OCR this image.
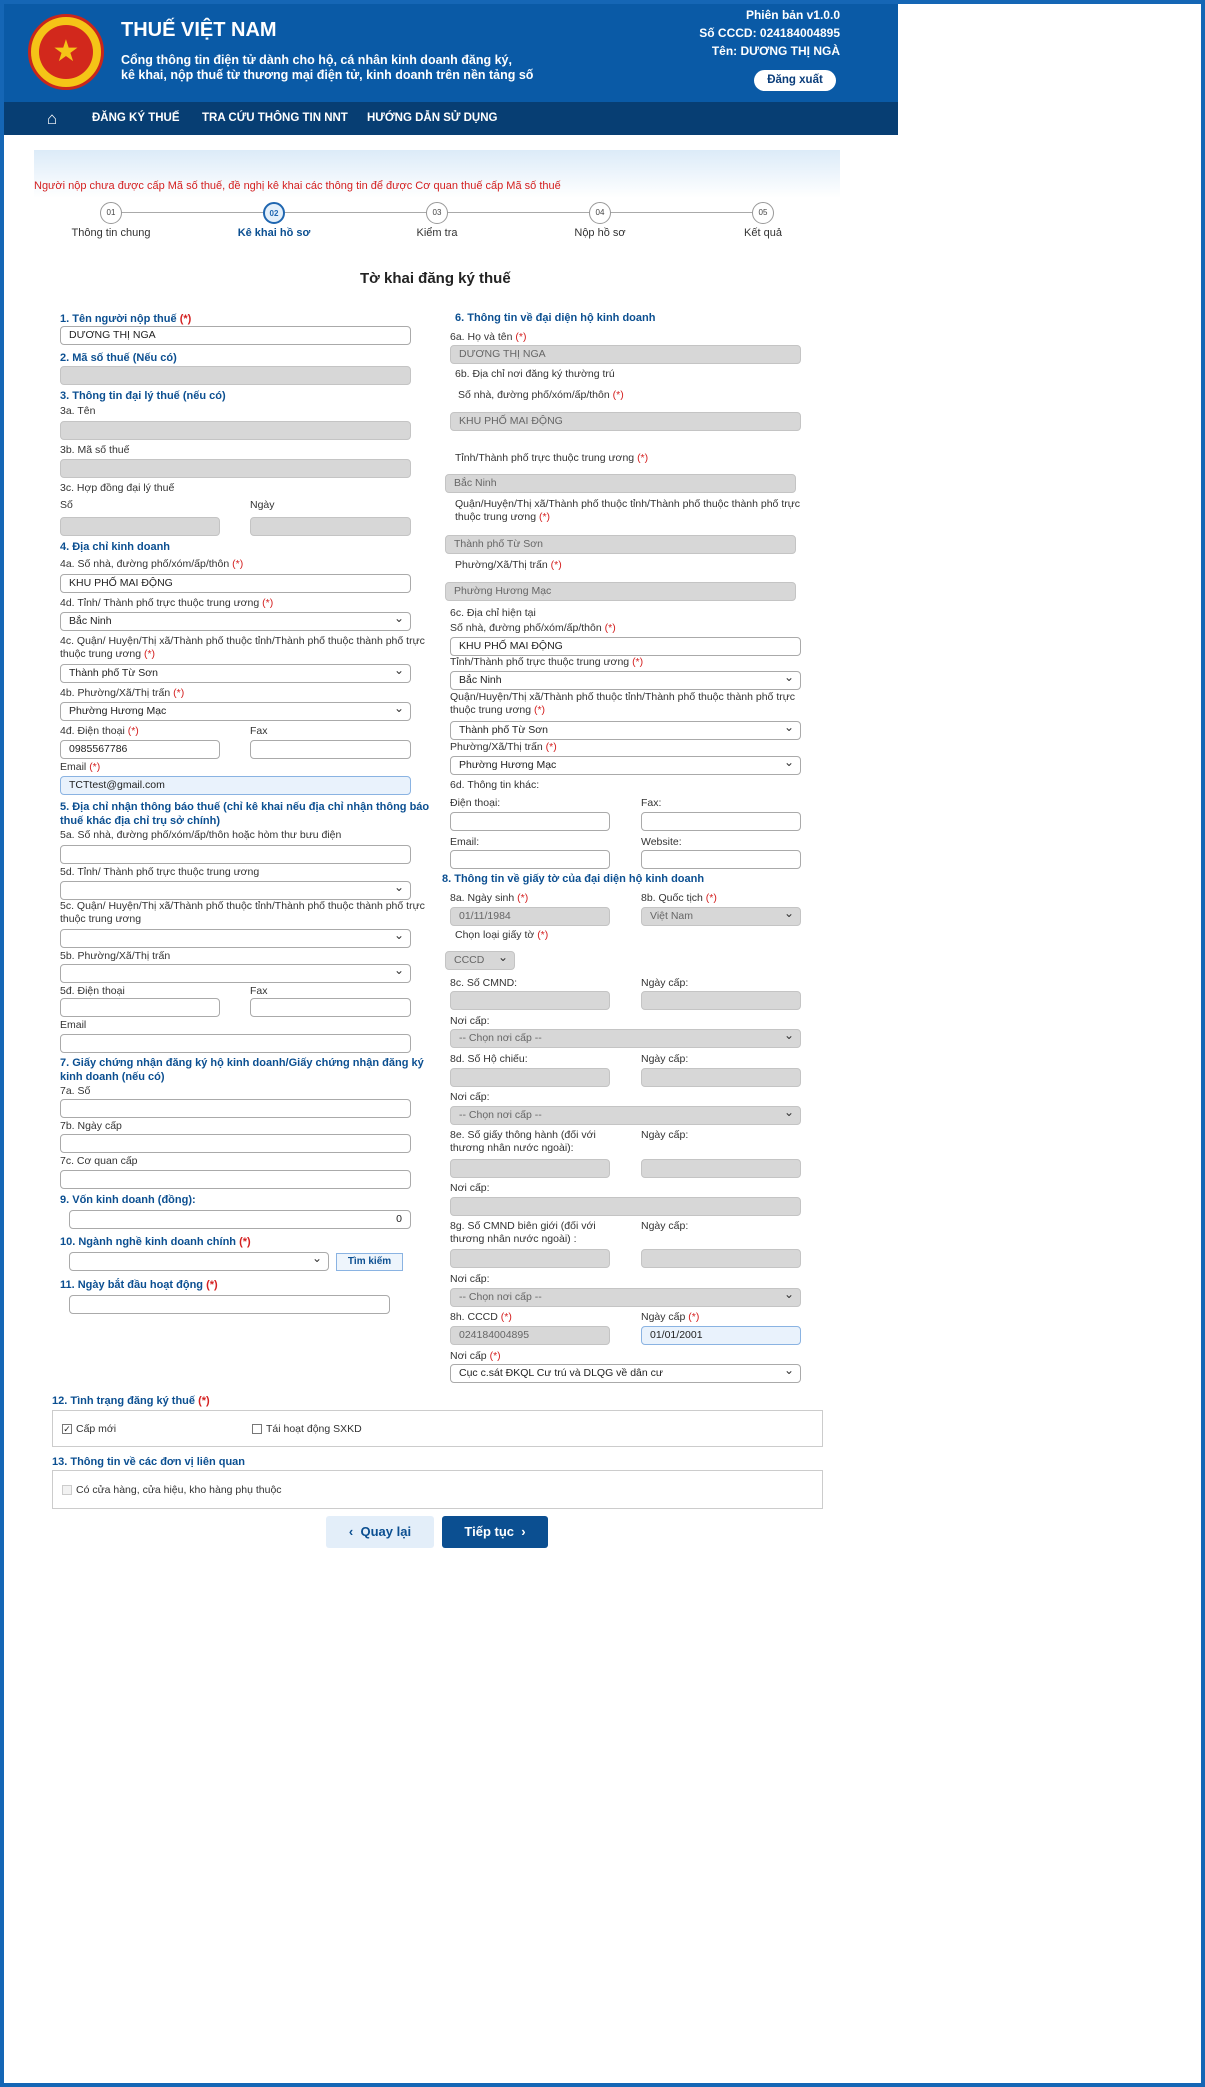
★
THUẾ VIỆT NAM
Cổng thông tin điện tử dành cho hộ, cá nhân kinh doanh đăng ký,
kê khai, nộp thuế từ thương mại điện tử, kinh doanh trên nền tảng số
Phiên bản v1.0.0
Số CCCD: 024184004895
Tên: DƯƠNG THỊ NGÀ
Đăng xuất
⌂	ĐĂNG KÝ THUẾ TRA CỨU THÔNG TIN NNT HƯỚNG DẪN SỬ DỤNG
Người nộp chưa được cấp Mã số thuế, đề nghị kê khai các thông tin để được Cơ quan thuế cấp Mã số thuế
01	02	03	04	05
Thông tin chung	Kê khai hồ sơ	Kiểm tra	Nộp hồ sơ	Kết quả
Tờ khai đăng ký thuế
1. Tên người nộp thuế (*)
DƯƠNG THỊ NGA
2. Mã số thuế (Nếu có)
3. Thông tin đại lý thuế (nếu có)
3a. Tên
3b. Mã số thuế
3c. Hợp đồng đại lý thuế
Số	Ngày
4. Địa chỉ kinh doanh
4a. Số nhà, đường phố/xóm/ấp/thôn (*)
KHU PHỐ MAI ĐỘNG
4d. Tỉnh/ Thành phố trực thuộc trung ương (*)
Bắc Ninh ⌄
4c. Quận/ Huyện/Thị xã/Thành phố thuộc tỉnh/Thành phố thuộc thành phố trực thuộc trung ương (*)
Thành phố Từ Sơn ⌄
4b. Phường/Xã/Thị trấn (*)
Phường Hương Mạc ⌄
4đ. Điện thoại (*)	Fax
0985567786
Email (*)
TCTtest@gmail.com
5. Địa chỉ nhận thông báo thuế (chỉ kê khai nếu địa chỉ nhận thông báo thuế khác địa chỉ trụ sở chính)
5a. Số nhà, đường phố/xóm/ấp/thôn hoặc hòm thư bưu điện
5d. Tỉnh/ Thành phố trực thuộc trung ương
⌄
5c. Quận/ Huyện/Thị xã/Thành phố thuộc tỉnh/Thành phố thuộc thành phố trực thuộc trung ương
⌄
5b. Phường/Xã/Thị trấn
⌄
5đ. Điện thoại	Fax
Email
7. Giấy chứng nhận đăng ký hộ kinh doanh/Giấy chứng nhận đăng ký kinh doanh (nếu có)
7a. Số
7b. Ngày cấp
7c. Cơ quan cấp
9. Vốn kinh doanh (đồng):
0
10. Ngành nghề kinh doanh chính (*)
⌄
Tìm kiếm
11. Ngày bắt đầu hoạt động (*)
6. Thông tin về đại diện hộ kinh doanh
6a. Họ và tên (*)
DƯƠNG THỊ NGA
6b. Địa chỉ nơi đăng ký thường trú
Số nhà, đường phố/xóm/ấp/thôn (*)
KHU PHỐ MAI ĐỘNG
Tỉnh/Thành phố trực thuộc trung ương (*)
Bắc Ninh
Quận/Huyện/Thị xã/Thành phố thuộc tỉnh/Thành phố thuộc thành phố trực thuộc trung ương (*)
Thành phố Từ Sơn
Phường/Xã/Thị trấn (*)
Phường Hương Mạc
6c. Địa chỉ hiện tại
Số nhà, đường phố/xóm/ấp/thôn (*)
KHU PHỐ MAI ĐỘNG
Tỉnh/Thành phố trực thuộc trung ương (*)
Bắc Ninh ⌄
Quận/Huyện/Thị xã/Thành phố thuộc tỉnh/Thành phố thuộc thành phố trực thuộc trung ương (*)
Thành phố Từ Sơn ⌄
Phường/Xã/Thị trấn (*)
Phường Hương Mạc ⌄
6d. Thông tin khác:
Điện thoại:	Fax:
Email:	Website:
8. Thông tin về giấy tờ của đại diện hộ kinh doanh
8a. Ngày sinh (*)	8b. Quốc tịch (*)
01/11/1984	Việt Nam ⌄
Chọn loại giấy tờ (*)
CCCD ⌄
8c. Số CMND:	Ngày cấp:
Nơi cấp:
-- Chọn nơi cấp -- ⌄
8d. Số Hộ chiếu:	Ngày cấp:
Nơi cấp:
-- Chọn nơi cấp -- ⌄
8e. Số giấy thông hành (đối với thương nhân nước ngoài):
Ngày cấp:
Nơi cấp:
8g. Số CMND biên giới (đối với thương nhân nước ngoài) :
Ngày cấp:
Nơi cấp:
-- Chọn nơi cấp -- ⌄
8h. CCCD (*)	Ngày cấp (*)
024184004895	01/01/2001
Nơi cấp (*)
Cục c.sát ĐKQL Cư trú và DLQG về dân cư ⌄
12. Tình trạng đăng ký thuế (*)
✓ Cấp mới	Tái hoạt động SXKD
13. Thông tin về các đơn vị liên quan
Có cửa hàng, cửa hiệu, kho hàng phụ thuộc
‹ Quay lại	Tiếp tục ›
